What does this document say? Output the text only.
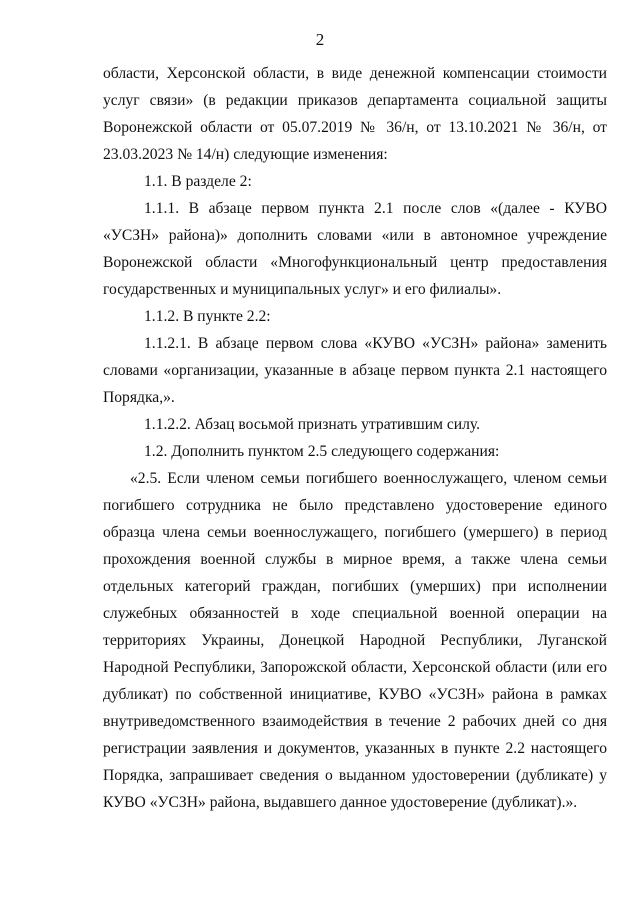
2

области, Херсонской области, в виде денежной компенсации стоимости услуг связи» (в редакции приказов департамента социальной защиты Воронежской области от 05.07.2019 № 36/н, от 13.10.2021 № 36/н, от 23.03.2023 № 14/н) следующие изменения:

1.1. В разделе 2:

1.1.1. В абзаце первом пункта 2.1 после слов «(далее - КУВО «УСЗН» района)» дополнить словами «или в автономное учреждение Воронежской области «Многофункциональный центр предоставления государственных и муниципальных услуг» и его филиалы».

1.1.2. В пункте 2.2:

1.1.2.1. В абзаце первом слова «КУВО «УСЗН» района» заменить словами «организации, указанные в абзаце первом пункта 2.1 настоящего Порядка,».

1.1.2.2. Абзац восьмой признать утратившим силу.

1.2. Дополнить пунктом 2.5 следующего содержания:

«2.5. Если членом семьи погибшего военнослужащего, членом семьи погибшего сотрудника не было представлено удостоверение единого образца члена семьи военнослужащего, погибшего (умершего) в период прохождения военной службы в мирное время, а также члена семьи отдельных категорий граждан, погибших (умерших) при исполнении служебных обязанностей в ходе специальной военной операции на территориях Украины, Донецкой Народной Республики, Луганской Народной Республики, Запорожской области, Херсонской области (или его дубликат) по собственной инициативе, КУВО «УСЗН» района в рамках внутриведомственного взаимодействия в течение 2 рабочих дней со дня регистрации заявления и документов, указанных в пункте 2.2 настоящего Порядка, запрашивает сведения о выданном удостоверении (дубликате) у КУВО «УСЗН» района, выдавшего данное удостоверение (дубликат).».
